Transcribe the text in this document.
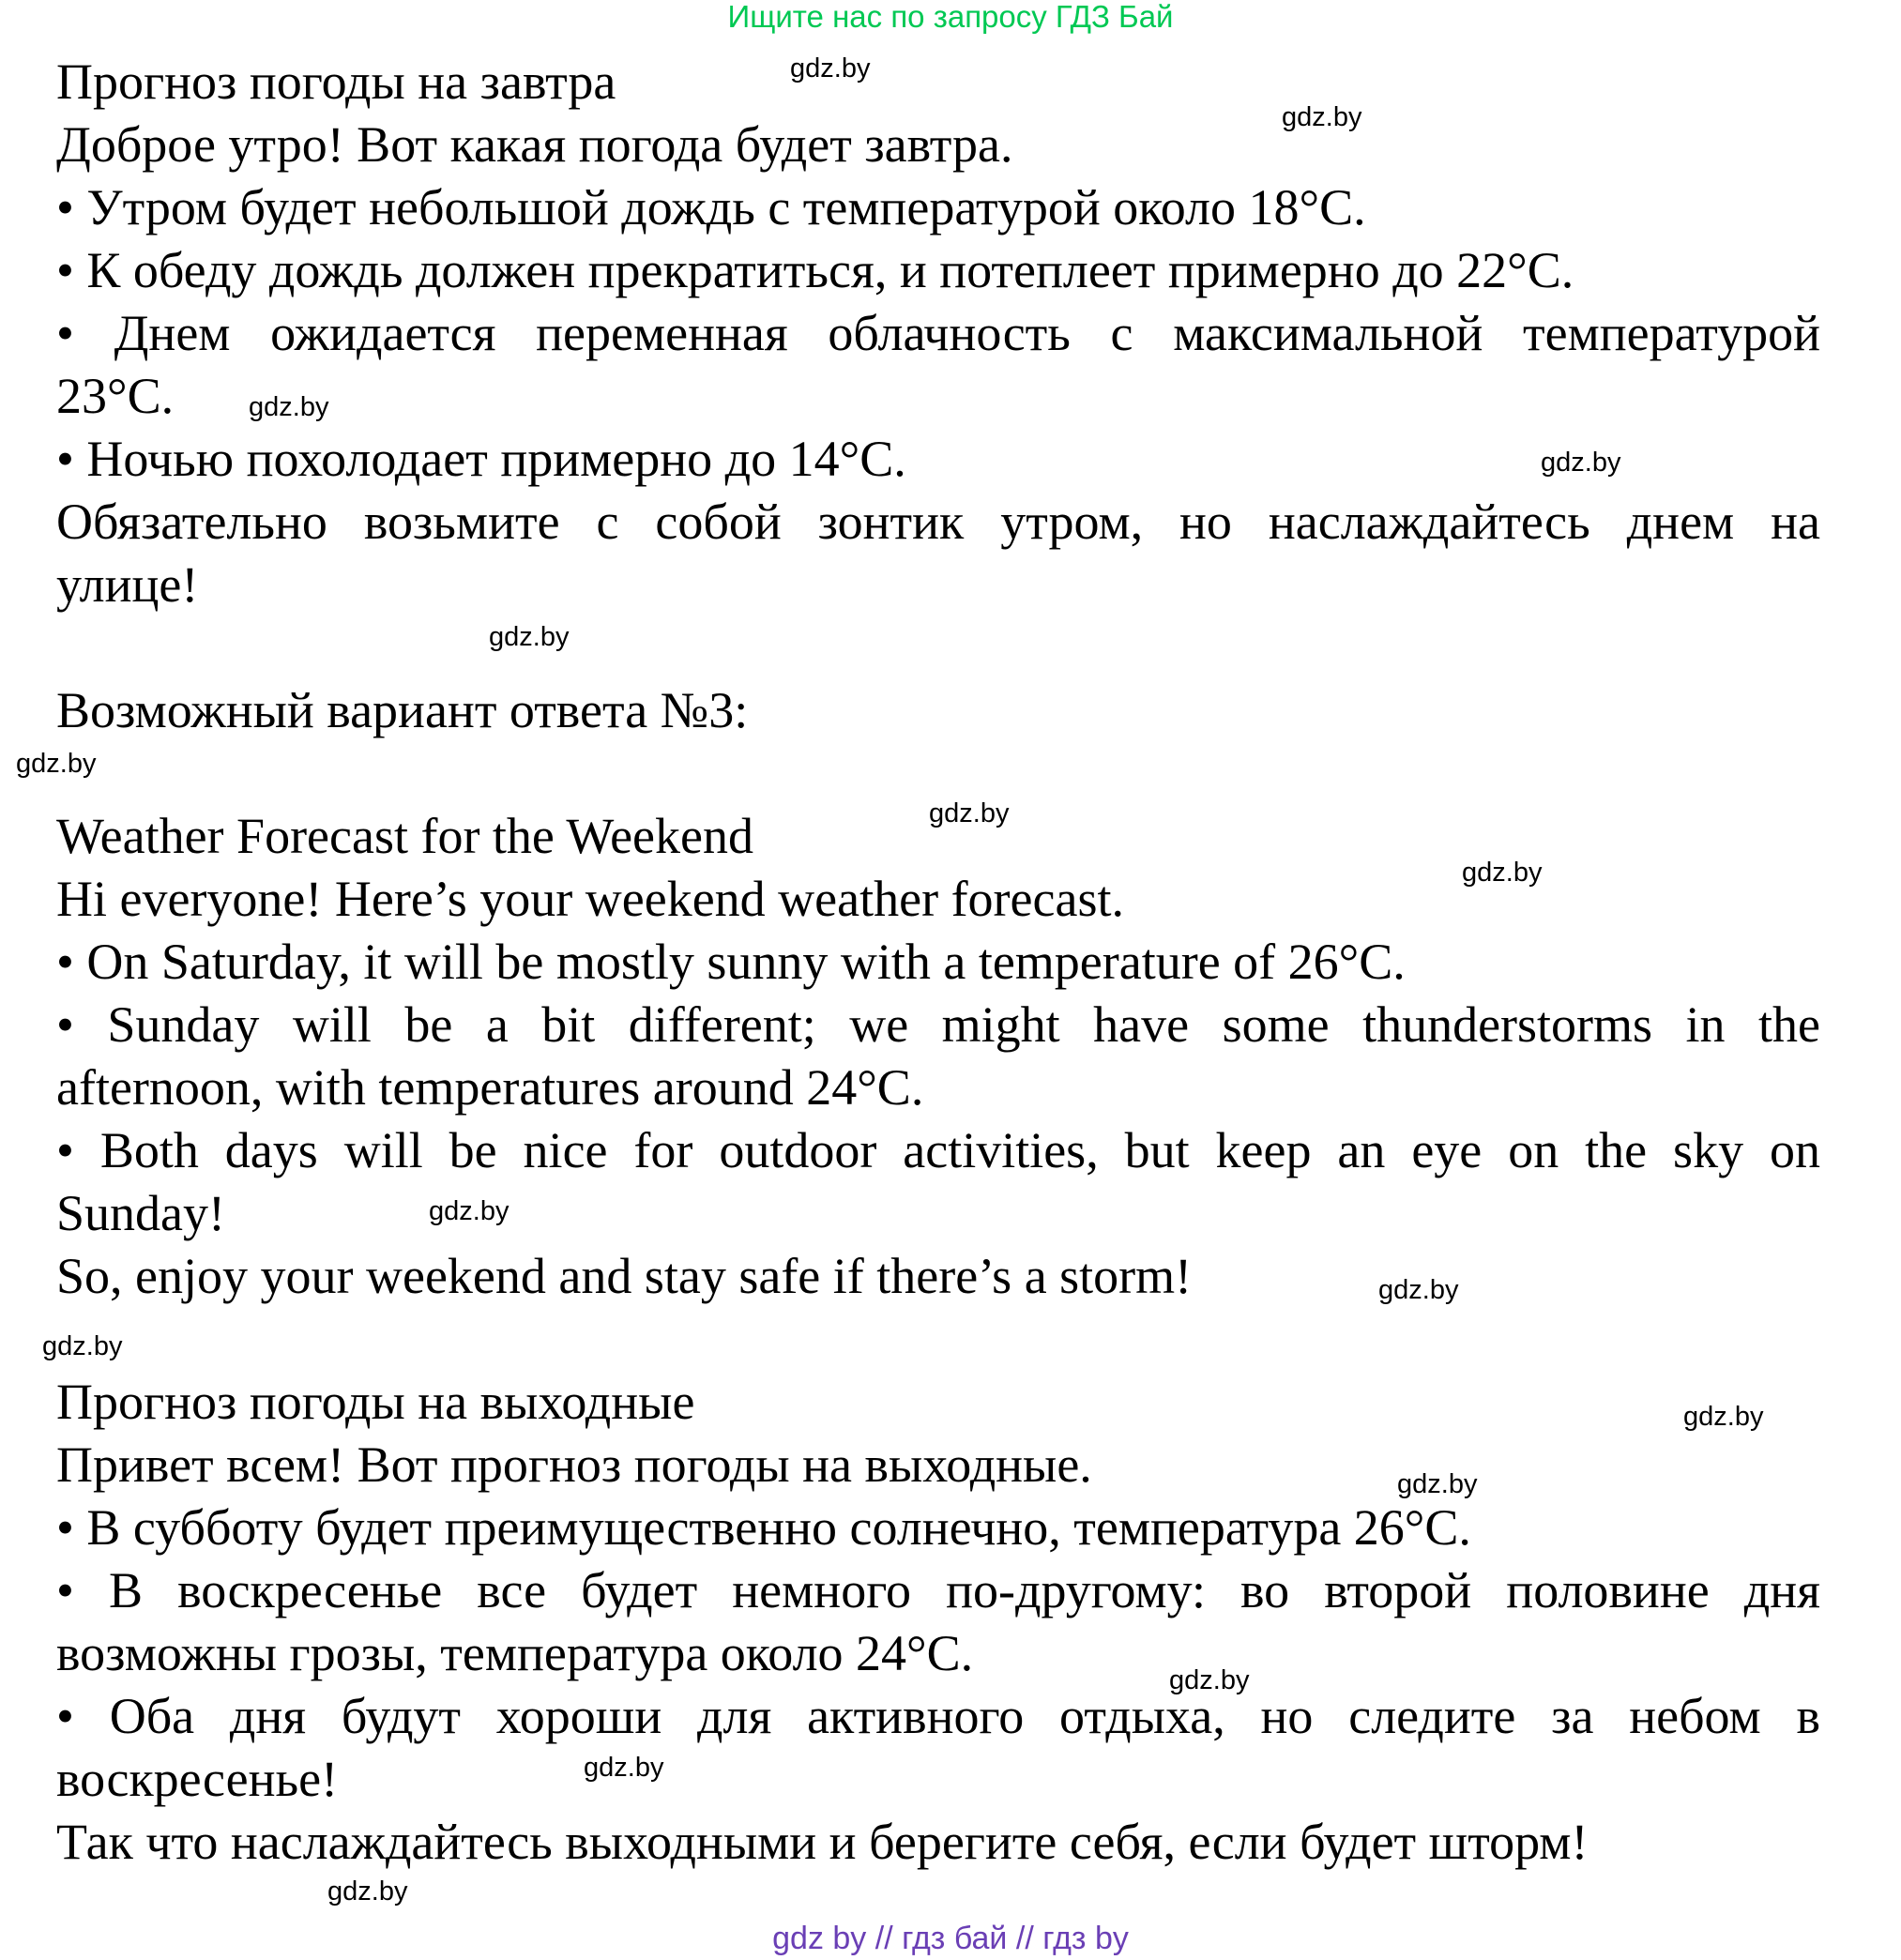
Ищите нас по запросу ГДЗ Бай
Прогноз погоды на завтра
Доброе утро! Вот какая погода будет завтра.
• Утром будет небольшой дождь с температурой около 18°С.
• К обеду дождь должен прекратиться, и потеплеет примерно до 22°С.
• Днем ожидается переменная облачность с максимальной температурой
23°С.
• Ночью похолодает примерно до 14°С.
Обязательно возьмите с собой зонтик утром, но наслаждайтесь днем на
улице!
Возможный вариант ответа №3:
Weather Forecast for the Weekend
Hi everyone! Here’s your weekend weather forecast.
• On Saturday, it will be mostly sunny with a temperature of 26°C.
• Sunday will be a bit different; we might have some thunderstorms in the
afternoon, with temperatures around 24°C.
• Both days will be nice for outdoor activities, but keep an eye on the sky on
Sunday!
So, enjoy your weekend and stay safe if there’s a storm!
Прогноз погоды на выходные
Привет всем! Вот прогноз погоды на выходные.
• В субботу будет преимущественно солнечно, температура 26°С.
• В воскресенье все будет немного по-другому: во второй половине дня
возможны грозы, температура около 24°С.
• Оба дня будут хороши для активного отдыха, но следите за небом в
воскресенье!
Так что наслаждайтесь выходными и берегите себя, если будет шторм!
gdz.by
gdz.by
gdz.by
gdz.by
gdz.by
gdz.by
gdz.by
gdz.by
gdz.by
gdz.by
gdz.by
gdz.by
gdz.by
gdz.by
gdz.by
gdz.by
gdz by // гдз бай // гдз by
